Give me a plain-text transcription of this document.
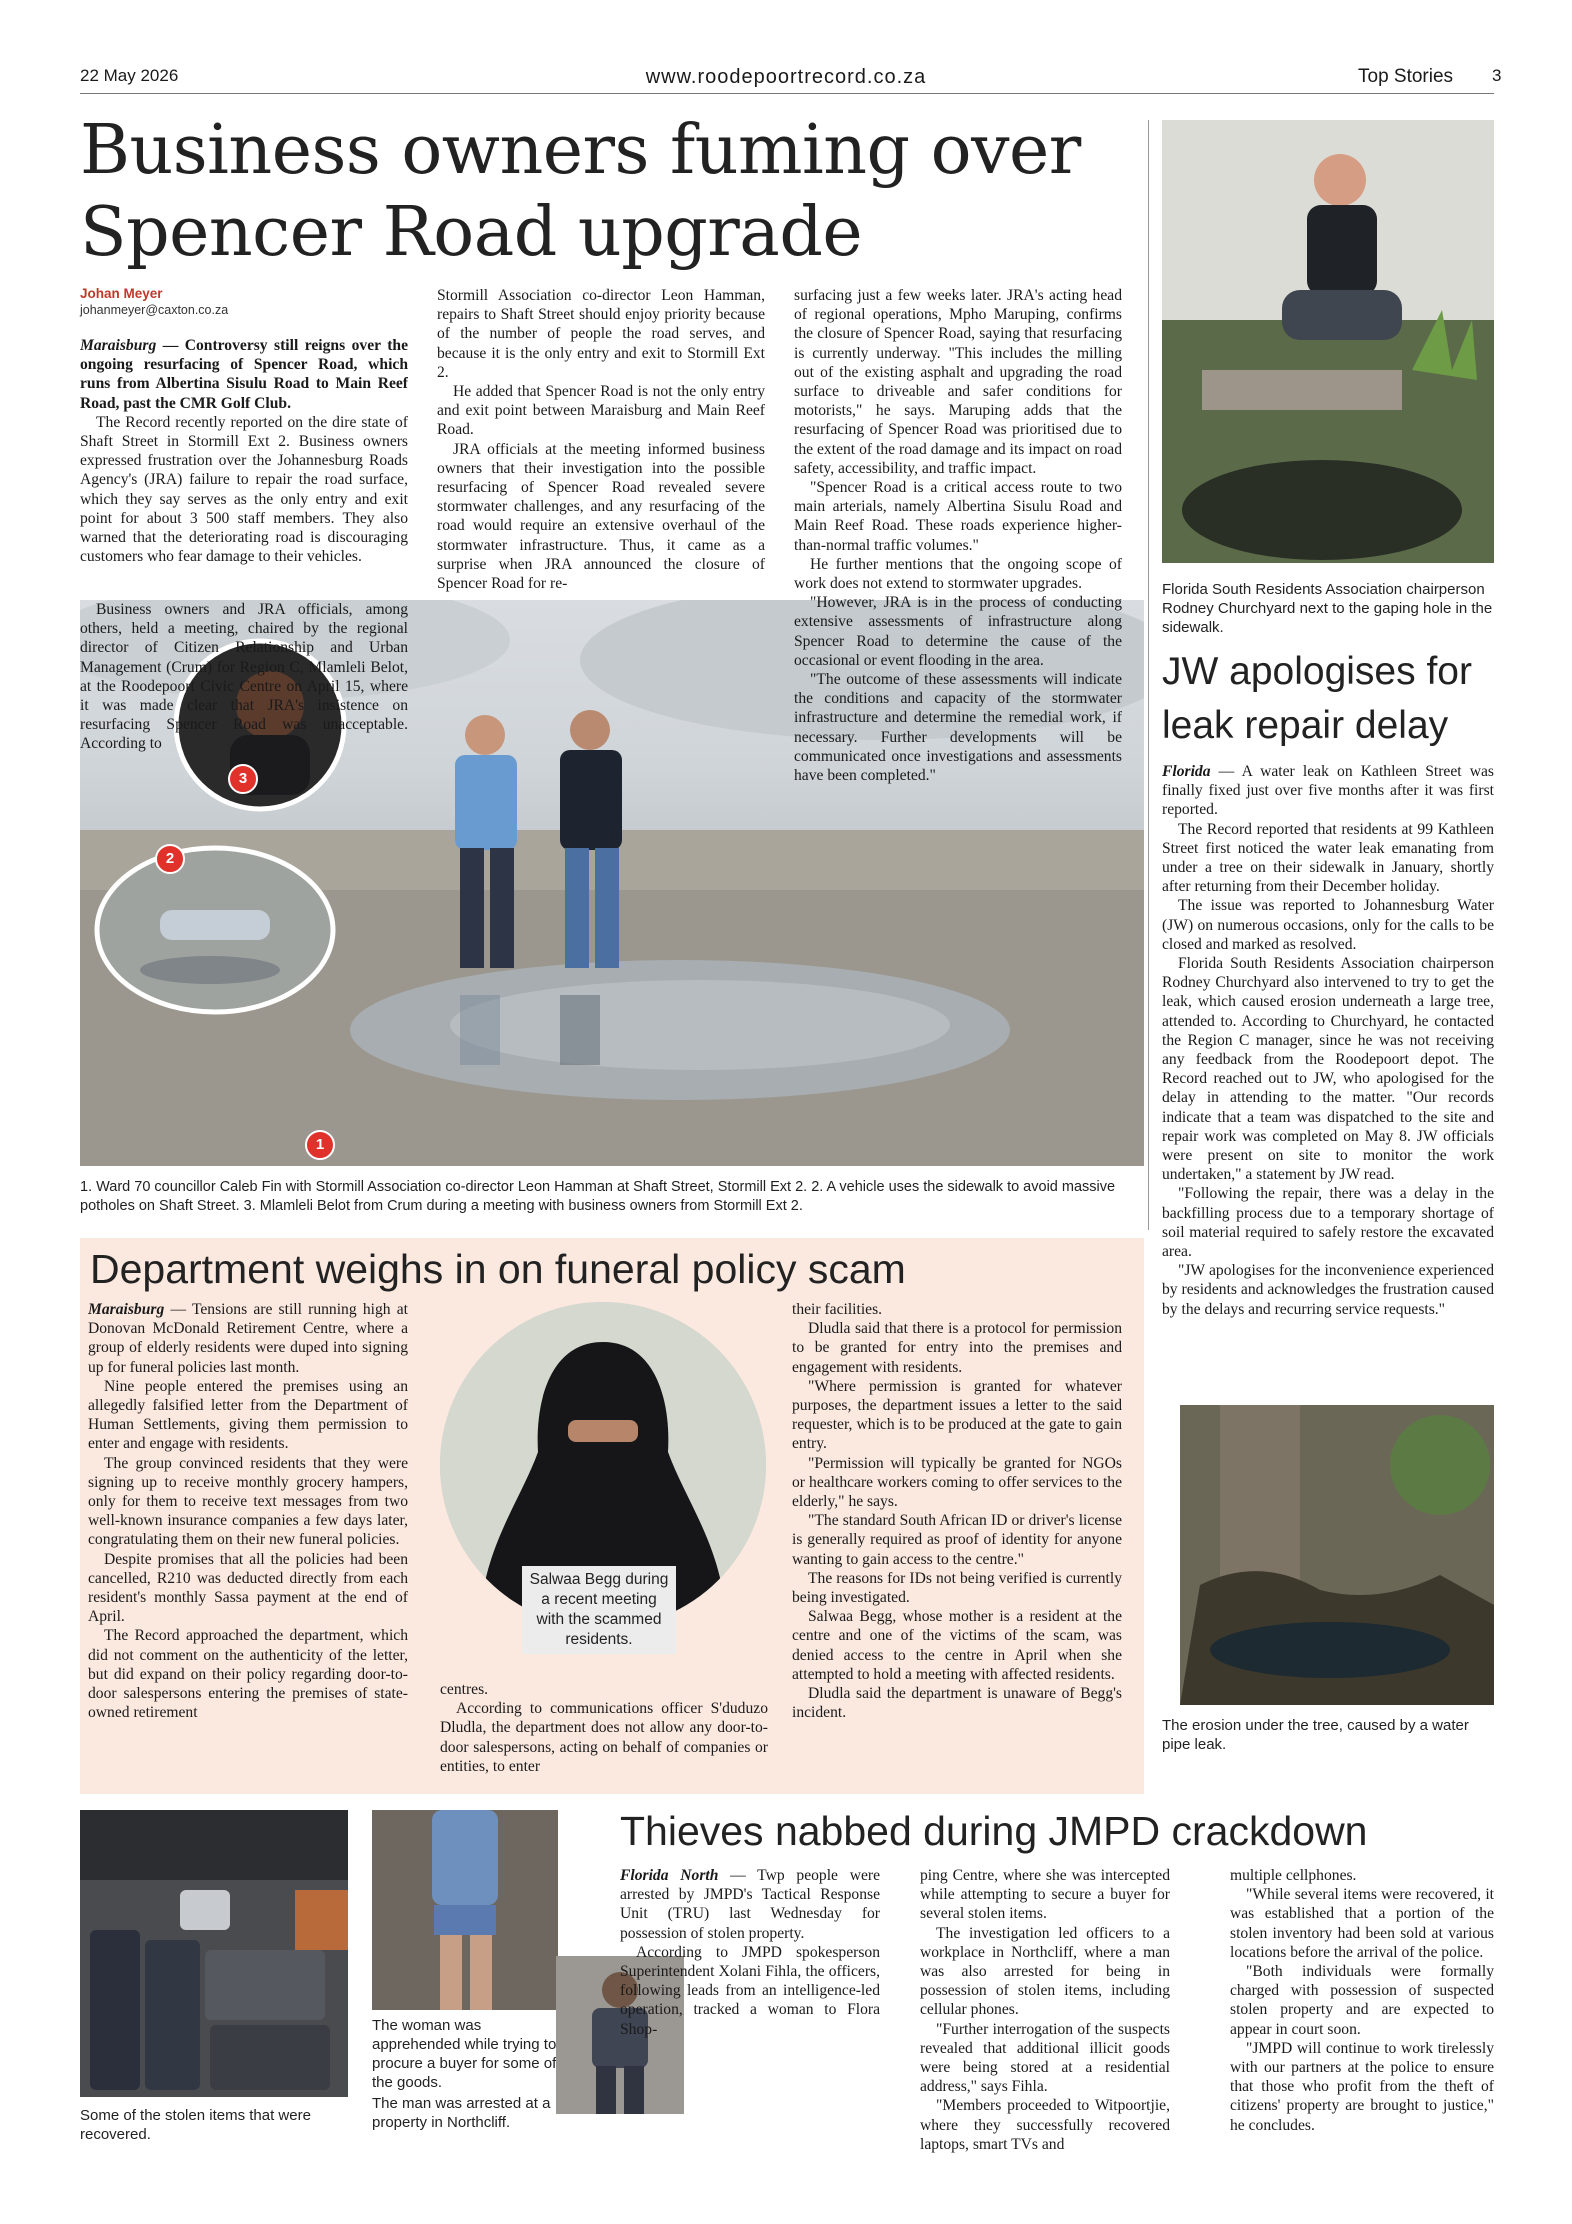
22 May 2026	www.roodepoortrecord.co.za	Top Stories 3
Business owners fuming over Spencer Road upgrade
Johan Meyer
johanmeyer@caxton.co.za
3
2
1

Maraisburg — Controversy still reigns over the ongoing resurfacing of Spencer Road, which runs from Albertina Sisulu Road to Main Reef Road, past the CMR Golf Club.

The Record recently reported on the dire state of Shaft Street in Stormill Ext 2. Business owners expressed frustration over the Johannesburg Roads Agency's (JRA) failure to repair the road surface, which they say serves as the only entry and exit point for about 3 500 staff members. They also warned that the deteriorating road is discouraging customers who fear damage to their vehicles.

Business owners and JRA officials, among others, held a meeting, chaired by the regional director of Citizen Relationship and Urban Management (Crum) for Region C, Mlamleli Belot, at the Roodepoort Civic Centre on April 15, where it was made clear that JRA's insistence on resurfacing Spencer Road was unacceptable. According to

Stormill Association co-director Leon Hamman, repairs to Shaft Street should enjoy priority because of the number of people the road serves, and because it is the only entry and exit to Stormill Ext 2.

He added that Spencer Road is not the only entry and exit point between Maraisburg and Main Reef Road.

JRA officials at the meeting informed business owners that their investigation into the possible resurfacing of Spencer Road revealed severe stormwater challenges, and any resurfacing of the road would require an extensive overhaul of the stormwater infrastructure. Thus, it came as a surprise when JRA announced the closure of Spencer Road for re-

surfacing just a few weeks later. JRA's acting head of regional operations, Mpho Maruping, confirms the closure of Spencer Road, saying that resurfacing is currently underway. "This includes the milling out of the existing asphalt and upgrading the road surface to driveable and safer conditions for motorists," he says. Maruping adds that the resurfacing of Spencer Road was prioritised due to the extent of the road damage and its impact on road safety, accessibility, and traffic impact.

"Spencer Road is a critical access route to two main arterials, namely Albertina Sisulu Road and Main Reef Road. These roads experience higher-than-normal traffic volumes."

He further mentions that the ongoing scope of work does not extend to stormwater upgrades.

"However, JRA is in the process of conducting extensive assessments of infrastructure along Spencer Road to determine the cause of the occasional or event flooding in the area.

"The outcome of these assessments will indicate the conditions and capacity of the stormwater infrastructure and determine the remedial work, if necessary. Further developments will be communicated once investigations and assessments have been completed."

1. Ward 70 councillor Caleb Fin with Stormill Association co-director Leon Hamman at Shaft Street, Stormill Ext 2. 2. A vehicle uses the sidewalk to avoid massive potholes on Shaft Street. 3. Mlamleli Belot from Crum during a meeting with business owners from Stormill Ext 2.
Department weighs in on funeral policy scam

Maraisburg — Tensions are still running high at Donovan McDonald Retirement Centre, where a group of elderly residents were duped into signing up for funeral policies last month.

Nine people entered the premises using an allegedly falsified letter from the Department of Human Settlements, giving them permission to enter and engage with residents.

The group convinced residents that they were signing up to receive monthly grocery hampers, only for them to receive text messages from two well-known insurance companies a few days later, congratulating them on their new funeral policies.

Despite promises that all the policies had been cancelled, R210 was deducted directly from each resident's monthly Sassa payment at the end of April.

The Record approached the department, which did not comment on the authenticity of the letter, but did expand on their policy regarding door-to-door salespersons entering the premises of state-owned retirement

Salwaa Begg during a recent meeting with the scammed residents.

centres.

According to communications officer S'duduzo Dludla, the department does not allow any door-to-door salespersons, acting on behalf of companies or entities, to enter

their facilities.

Dludla said that there is a protocol for permission to be granted for entry into the premises and engagement with residents.

"Where permission is granted for whatever purposes, the department issues a letter to the said requester, which is to be produced at the gate to gain entry.

"Permission will typically be granted for NGOs or healthcare workers coming to offer services to the elderly," he says.

"The standard South African ID or driver's license is generally required as proof of identity for anyone wanting to gain access to the centre."

The reasons for IDs not being verified is currently being investigated.

Salwaa Begg, whose mother is a resident at the centre and one of the victims of the scam, was denied access to the centre in April when she attempted to hold a meeting with affected residents.

Dludla said the department is unaware of Begg's incident.

Florida South Residents Association chairperson Rodney Churchyard next to the gaping hole in the sidewalk.
JW apologises for leak repair delay

Florida — A water leak on Kathleen Street was finally fixed just over five months after it was first reported.

The Record reported that residents at 99 Kathleen Street first noticed the water leak emanating from under a tree on their sidewalk in January, shortly after returning from their December holiday.

The issue was reported to Johannesburg Water (JW) on numerous occasions, only for the calls to be closed and marked as resolved.

Florida South Residents Association chairperson Rodney Churchyard also intervened to try to get the leak, which caused erosion underneath a large tree, attended to. According to Churchyard, he contacted the Region C manager, since he was not receiving any feedback from the Roodepoort depot. The Record reached out to JW, who apologised for the delay in attending to the matter. "Our records indicate that a team was dispatched to the site and repair work was completed on May 8. JW officials were present on site to monitor the work undertaken," a statement by JW read.

"Following the repair, there was a delay in the backfilling process due to a temporary shortage of soil material required to safely restore the excavated area.

"JW apologises for the inconvenience experienced by residents and acknowledges the frustration caused by the delays and recurring service requests."

The erosion under the tree, caused by a water pipe leak.
Some of the stolen items that were recovered.
The woman was apprehended while trying to procure a buyer for some of the goods.
The man was arrested at a property in Northcliff.
Thieves nabbed during JMPD crackdown

Florida North — Twp people were arrested by JMPD's Tactical Response Unit (TRU) last Wednesday for possession of stolen property.

According to JMPD spokesperson Superintendent Xolani Fihla, the officers, following leads from an intelligence-led operation, tracked a woman to Flora Shop-

ping Centre, where she was intercepted while attempting to secure a buyer for several stolen items.

The investigation led officers to a workplace in Northcliff, where a man was also arrested for being in possession of stolen items, including cellular phones.

"Further interrogation of the suspects revealed that additional illicit goods were being stored at a residential address," says Fihla.

"Members proceeded to Witpoortjie, where they successfully recovered laptops, smart TVs and

multiple cellphones.

"While several items were recovered, it was established that a portion of the stolen inventory had been sold at various locations before the arrival of the police.

"Both individuals were formally charged with possession of suspected stolen property and are expected to appear in court soon.

"JMPD will continue to work tirelessly with our partners at the police to ensure that those who profit from the theft of citizens' property are brought to justice," he concludes.
